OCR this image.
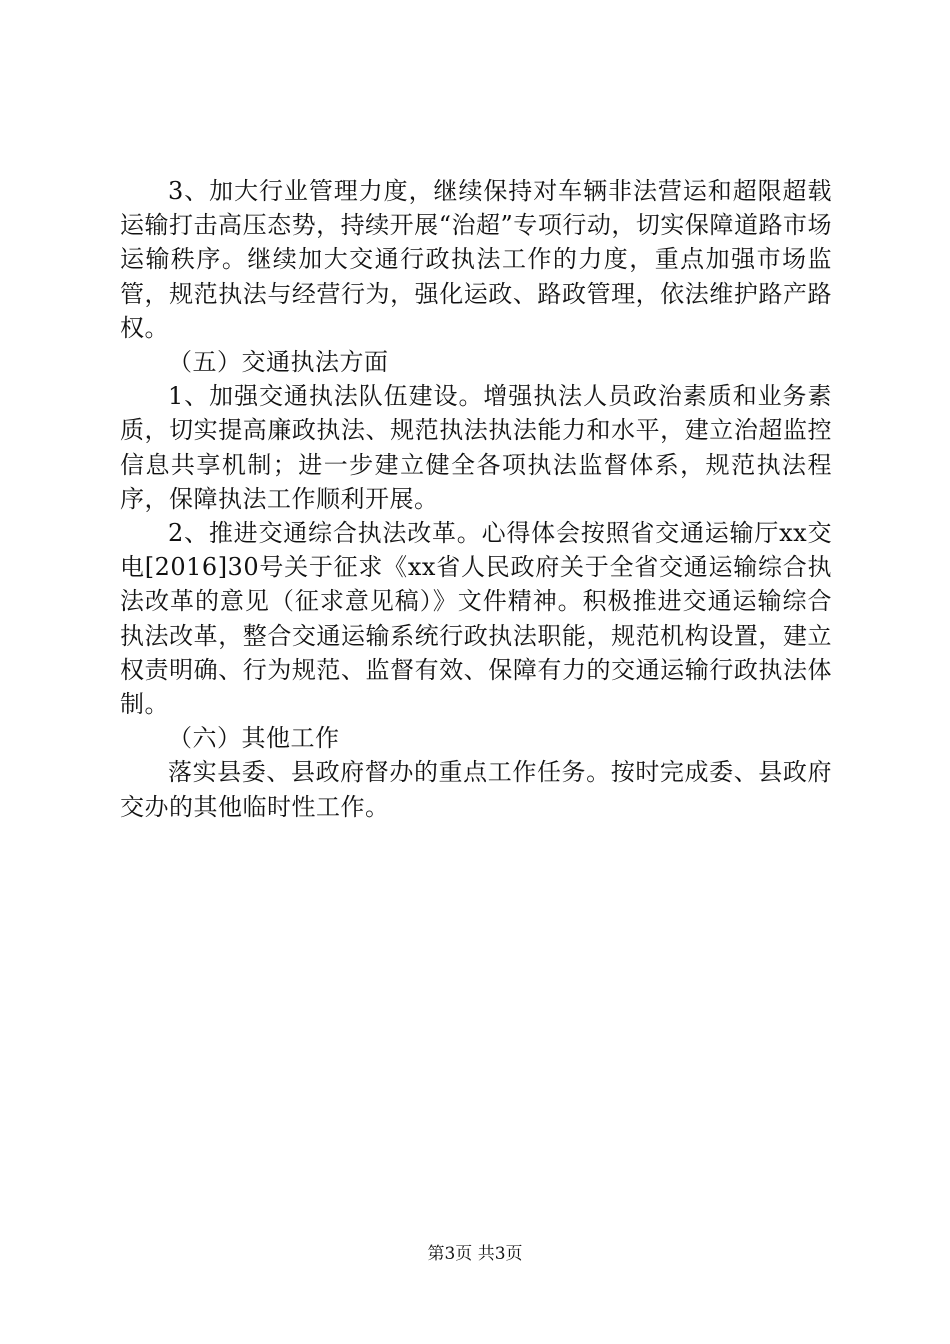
3、加大行业管理力度，继续保持对车辆非法营运和超限超载运输打击高压态势，持续开展“治超”专项行动，切实保障道路市场运输秩序。继续加大交通行政执法工作的力度，重点加强市场监管，规范执法与经营行为，强化运政、路政管理，依法维护路产路权。

（五）交通执法方面

1、加强交通执法队伍建设。增强执法人员政治素质和业务素质，切实提高廉政执法、规范执法执法能力和水平，建立治超监控信息共享机制；进一步建立健全各项执法监督体系，规范执法程序，保障执法工作顺利开展。

2、推进交通综合执法改革。心得体会按照省交通运输厅xx交电[2016]30号关于征求《xx省人民政府关于全省交通运输综合执法改革的意见（征求意见稿）》文件精神。积极推进交通运输综合执法改革，整合交通运输系统行政执法职能，规范机构设置，建立权责明确、行为规范、监督有效、保障有力的交通运输行政执法体制。

（六）其他工作

落实县委、县政府督办的重点工作任务。按时完成委、县政府交办的其他临时性工作。

第3页 共3页
